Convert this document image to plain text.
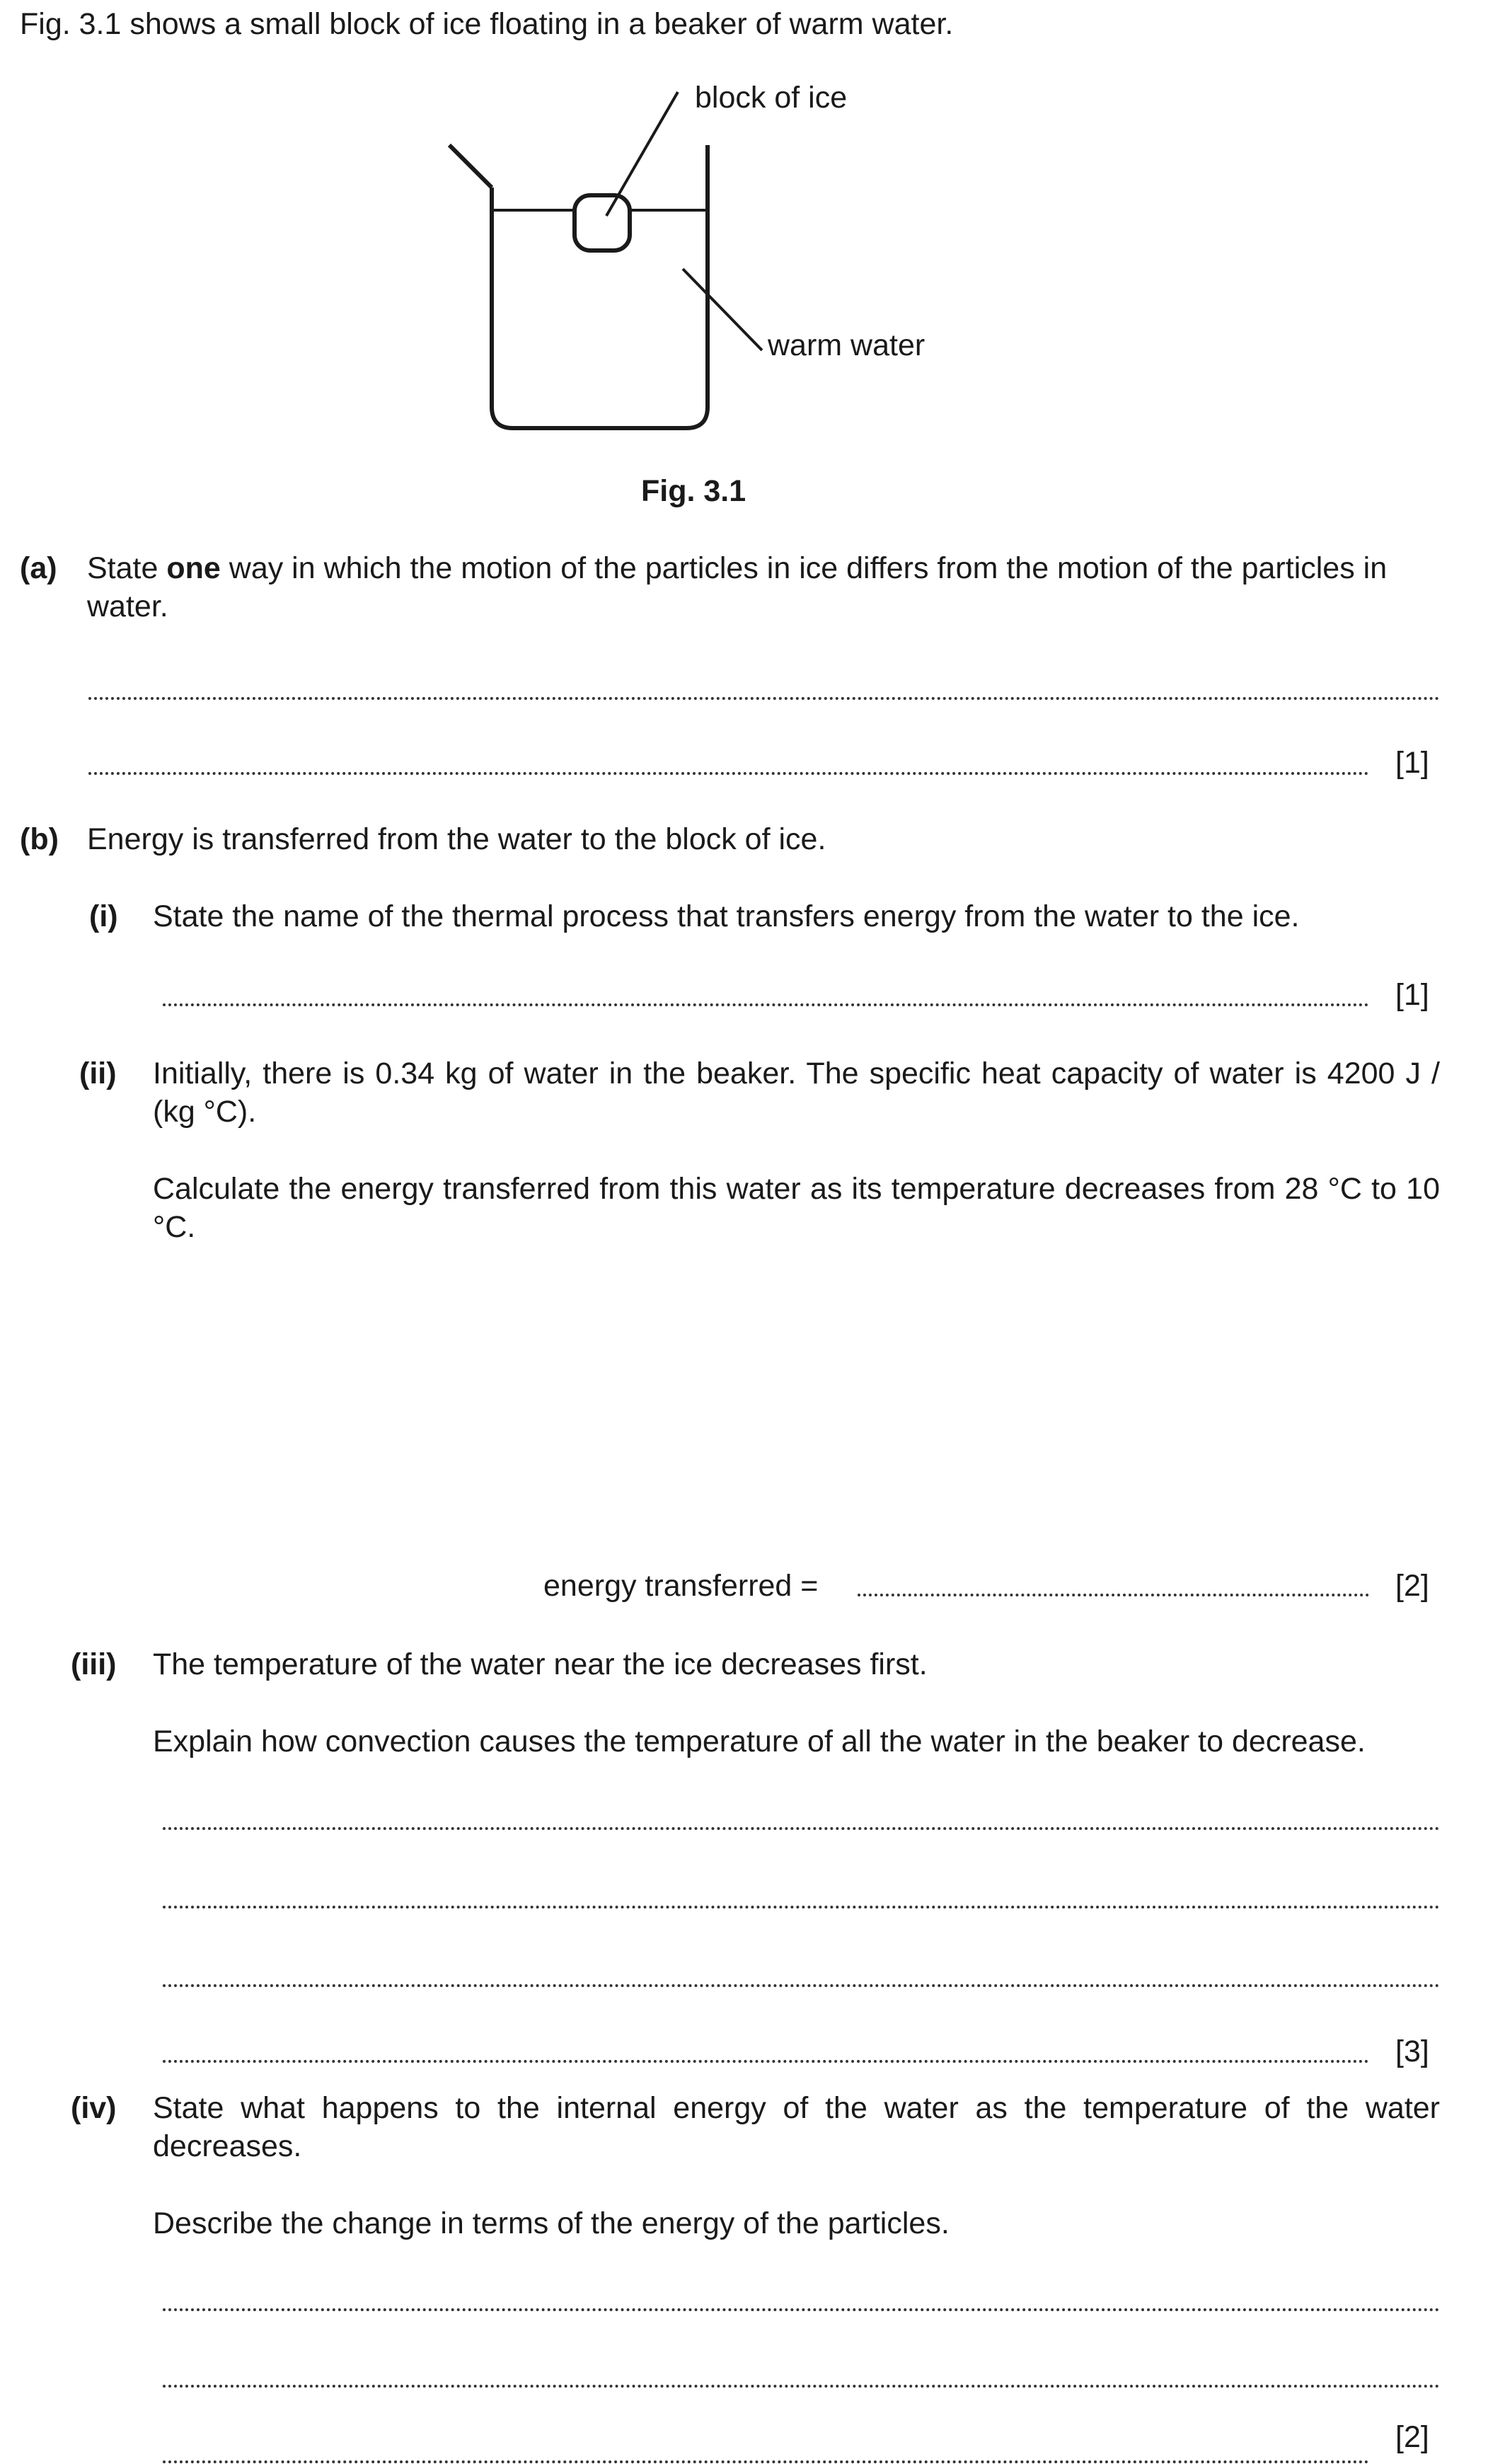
Fig. 3.1 shows a small block of ice floating in a beaker of warm water.
block of ice
warm water
Fig. 3.1
(a) State one way in which the motion of the particles in ice differs from the motion of the particles in water.
[1]
(b) Energy is transferred from the water to the block of ice.
(i) State the name of the thermal process that transfers energy from the water to the ice.
[1]
(ii) Initially, there is 0.34 kg of water in the beaker. The specific heat capacity of water is 4200 J / (kg °C).
Calculate the energy transferred from this water as its temperature decreases from 28 °C to 10 °C.
energy transferred =	[2]
(iii) The temperature of the water near the ice decreases first.
Explain how convection causes the temperature of all the water in the beaker to decrease.
[3]
(iv) State what happens to the internal energy of the water as the temperature of the water decreases.
Describe the change in terms of the energy of the particles.
[2]
